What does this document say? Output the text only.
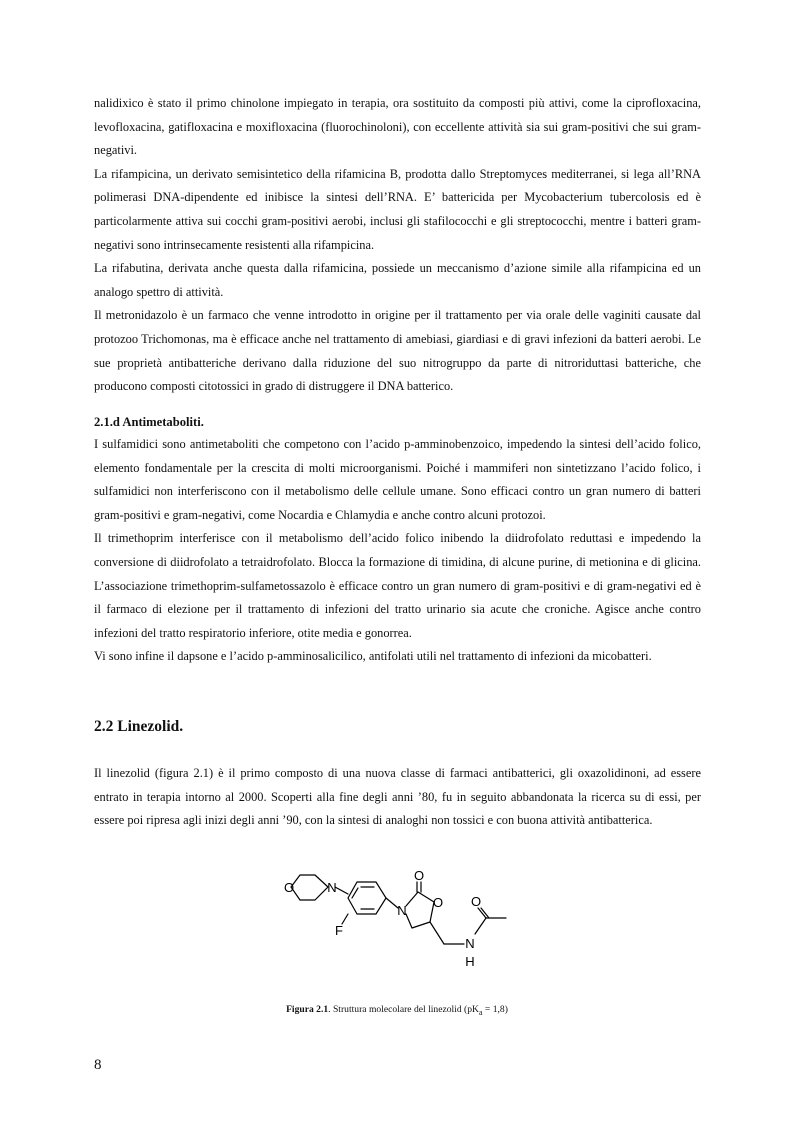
nalidixico è stato il primo chinolone impiegato in terapia, ora sostituito da composti più attivi, come la ciprofloxacina, levofloxacina, gatifloxacina e moxifloxacina (fluorochinoloni), con eccellente attività sia sui gram-positivi che sui gram-negativi.

La rifampicina, un derivato semisintetico della rifamicina B, prodotta dallo Streptomyces mediterranei, si lega all’RNA polimerasi DNA-dipendente ed inibisce la sintesi dell’RNA. E’ battericida per Mycobacterium tubercolosis ed è particolarmente attiva sui cocchi gram-positivi aerobi, inclusi gli stafilococchi e gli streptococchi, mentre i batteri gram-negativi sono intrinsecamente resistenti alla rifampicina.

La rifabutina, derivata anche questa dalla rifamicina, possiede un meccanismo d’azione simile alla rifampicina ed un analogo spettro di attività.

Il metronidazolo è un farmaco che venne introdotto in origine per il trattamento per via orale delle vaginiti causate dal protozoo Trichomonas, ma è efficace anche nel trattamento di amebiasi, giardiasi e di gravi infezioni da batteri aerobi. Le sue proprietà antibatteriche derivano dalla riduzione del suo nitrogruppo da parte di nitroriduttasi batteriche, che producono composti citotossici in grado di distruggere il DNA batterico.

2.1.d Antimetaboliti.

I sulfamidici sono antimetaboliti che competono con l’acido p-amminobenzoico, impedendo la sintesi dell’acido folico, elemento fondamentale per la crescita di molti microorganismi. Poiché i mammiferi non sintetizzano l’acido folico, i sulfamidici non interferiscono con il metabolismo delle cellule umane. Sono efficaci contro un gran numero di batteri gram-positivi e gram-negativi, come Nocardia e Chlamydia e anche contro alcuni protozoi.

Il trimethoprim interferisce con il metabolismo dell’acido folico inibendo la diidrofolato reduttasi e impedendo la conversione di diidrofolato a tetraidrofolato. Blocca la formazione di timidina, di alcune purine, di metionina e di glicina. L’associazione trimethoprim-sulfametossazolo è efficace contro un gran numero di gram-positivi e di gram-negativi ed è il farmaco di elezione per il trattamento di infezioni del tratto urinario sia acute che croniche. Agisce anche contro infezioni del tratto respiratorio inferiore, otite media e gonorrea.

Vi sono infine il dapsone e l’acido p-amminosalicilico, antifolati utili nel trattamento di infezioni da micobatteri.

2.2 Linezolid.

Il linezolid (figura 2.1) è il primo composto di una nuova classe di farmaci antibatterici, gli oxazolidinoni, ad essere entrato in terapia intorno al 2000. Scoperti alla fine degli anni ’80, fu in seguito abbandonata la ricerca su di essi, per essere poi ripresa agli inizi degli anni ’90, con la sintesi di analoghi non tossici e con buona attività antibatterica.

O	N
F
N
O
O
N
H
O
Figura 2.1. Struttura molecolare del linezolid $(pK_a = 1,8)$
8
